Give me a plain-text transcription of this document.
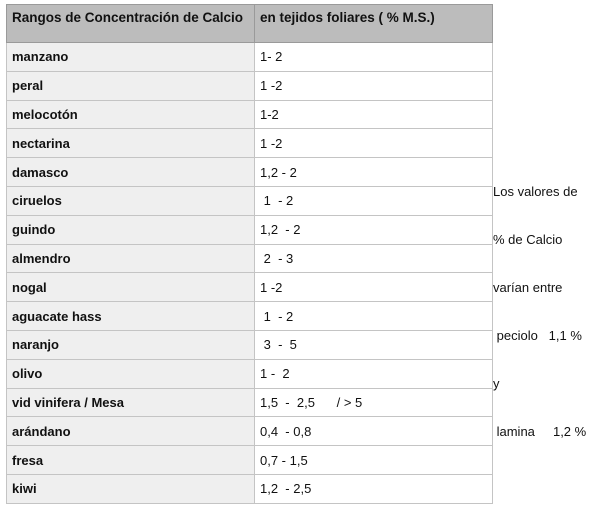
Rangos de Concentración de Calcio	en tejidos foliares ( % M.S.)
manzano	1- 2
peral	1 -2
melocotón	1-2
nectarina	1 -2
damasco	1,2 - 2
ciruelos	1  - 2
guindo	1,2  - 2
almendro	2  - 3
nogal	1 -2
aguacate hass	1  - 2
naranjo	3  -  5
olivo	1 -  2
vid vinifera / Mesa	1,5  -  2,5      / > 5
arándano	0,4  - 0,8
fresa	0,7 - 1,5
kiwi	1,2  - 2,5

Los valores de

% de Calcio

varían entre

peciolo   1,1 %

y

lamina     1,2 %
